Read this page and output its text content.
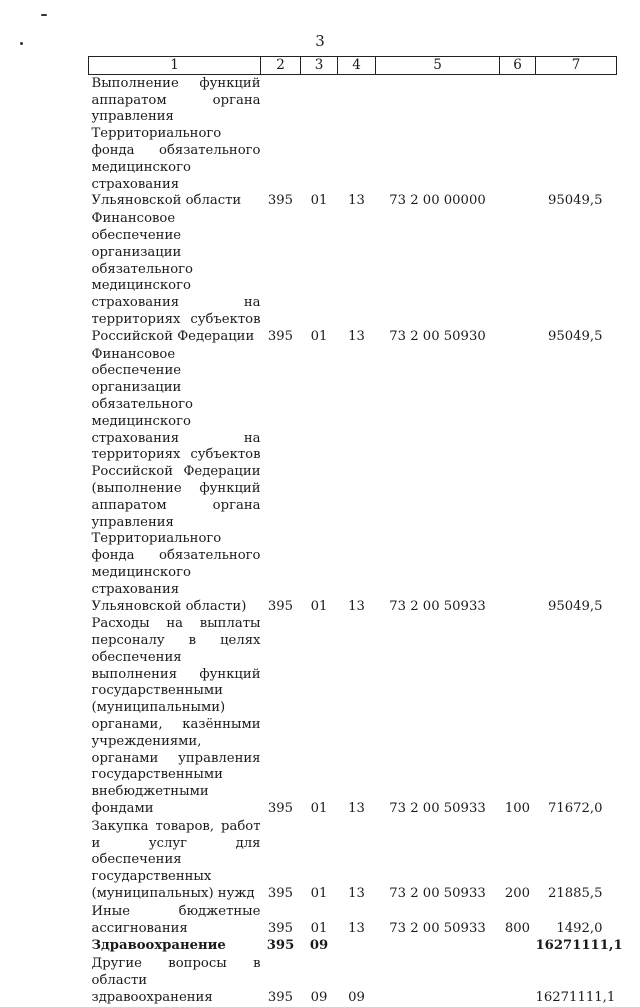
3
1	2	3	4	5	6	7
Выполнение функций аппаратом органа управления Территориального фонда обязательного медицинского страхования Ульяновской области	395	01	13	73 2 00 00000		95049,5
Финансовое обеспечение организации обязательного медицинского страхования на территориях субъектов Российской Федерации	395	01	13	73 2 00 50930		95049,5
Финансовое обеспечение организации обязательного медицинского страхования на территориях субъектов Российской Федерации (выполнение функций аппаратом органа управления Территориального фонда обязательного медицинского страхования Ульяновской области)	395	01	13	73 2 00 50933		95049,5
Расходы на выплаты персоналу в целях обеспечения выполнения функций государственными (муниципальными) органами, казёнными учреждениями, органами управления государственными внебюджетными фондами	395	01	13	73 2 00 50933	100	71672,0
Закупка товаров, работ и услуг для обеспечения государственных (муниципальных) нужд	395	01	13	73 2 00 50933	200	21885,5
Иные бюджетные ассигнования	395	01	13	73 2 00 50933	800	1492,0
Здравоохранение	395	09				16271111,1
Другие вопросы в области здравоохранения	395	09	09			16271111,1
